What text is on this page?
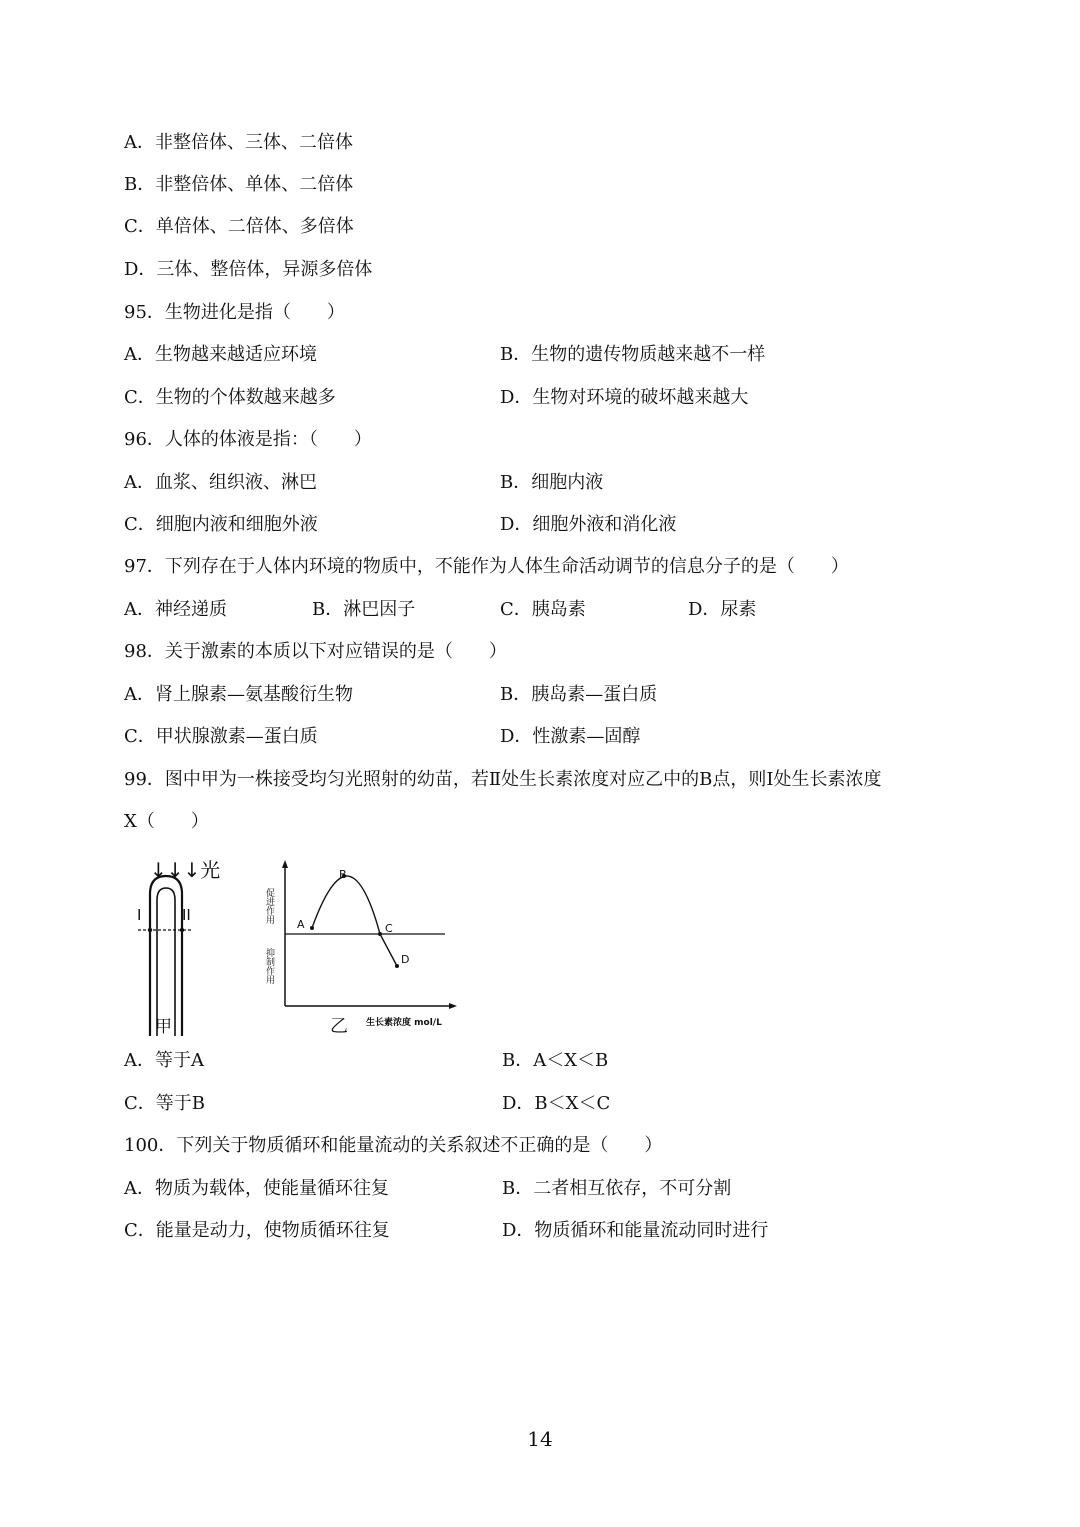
A．非整倍体、三体、二倍体
B．非整倍体、单体、二倍体
C．单倍体、二倍体、多倍体
D．三体、整倍体，异源多倍体
95．生物进化是指（　　）
A．生物越来越适应环境	B．生物的遗传物质越来越不一样
C．生物的个体数越来越多	D．生物对环境的破坏越来越大
96．人体的体液是指：（　　）
A．血浆、组织液、淋巴	B．细胞内液
C．细胞内液和细胞外液	D．细胞外液和消化液
97．下列存在于人体内环境的物质中，不能作为人体生命活动调节的信息分子的是（　　）
A．神经递质	B．淋巴因子	C．胰岛素	D．尿素
98．关于激素的本质以下对应错误的是（　　）
A．肾上腺素—氨基酸衍生物	B．胰岛素—蛋白质
C．甲状腺激素—蛋白质	D．性激素—固醇
99．图中甲为一株接受均匀光照射的幼苗，若Ⅱ处生长素浓度对应乙中的B点，则Ⅰ处生长素浓度
X（　　）
↓↓↓光
I	II
甲
促进作用
抑制作用
A
B
C
D
乙 生长素浓度 mol/L
A．等于A	B．A＜X＜B
C．等于B	D．B＜X＜C
100．下列关于物质循环和能量流动的关系叙述不正确的是（　　）
A．物质为载体，使能量循环往复	B．二者相互依存，不可分割
C．能量是动力，使物质循环往复	D．物质循环和能量流动同时进行
14
